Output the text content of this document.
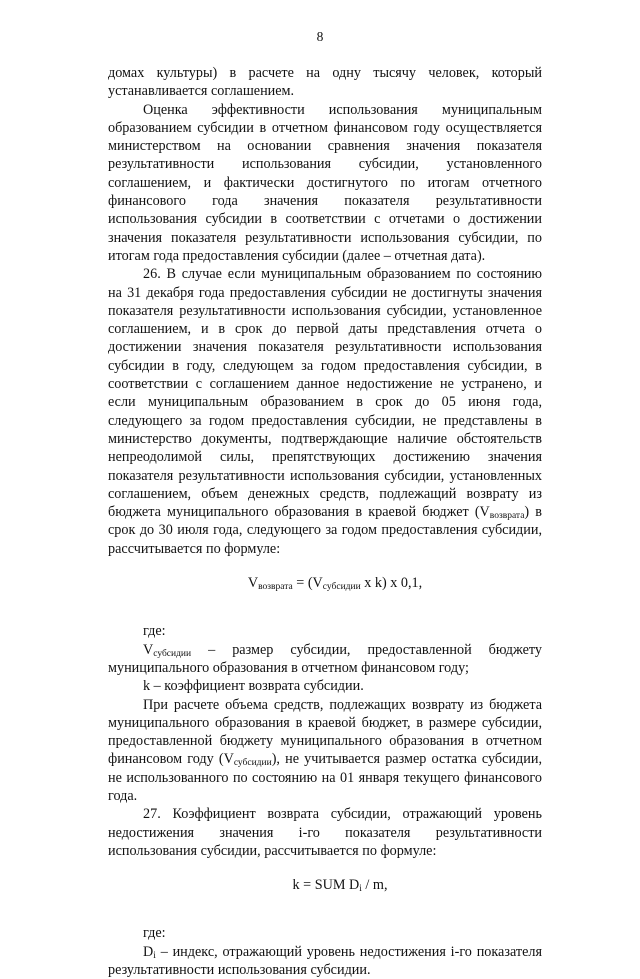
8

домах культуры) в расчете на одну тысячу человек, который устанавливается соглашением.

Оценка эффективности использования муниципальным образованием субсидии в отчетном финансовом году осуществляется министерством на основании сравнения значения показателя результативности использования субсидии, установленного соглашением, и фактически достигнутого по итогам отчетного финансового года значения показателя результативности использования субсидии в соответствии с отчетами о достижении значения показателя результативности использования субсидии, по итогам года предоставления субсидии (далее – отчетная дата).

26. В случае если муниципальным образованием по состоянию на 31 декабря года предоставления субсидии не достигнуты значения показателя результативности использования субсидии, установленное соглашением, и в срок до первой даты представления отчета о достижении значения показателя результативности использования субсидии в году, следующем за годом предоставления субсидии, в соответствии с соглашением данное недостижение не устранено, и если муниципальным образованием в срок до 05 июня года, следующего за годом предоставления субсидии, не представлены в министерство документы, подтверждающие наличие обстоятельств непреодолимой силы, препятствующих достижению значения показателя результативности использования субсидии, установленных соглашением, объем денежных средств, подлежащий возврату из бюджета муниципального образования в краевой бюджет $(V_{возврата})$ в срок до 30 июля года, следующего за годом предоставления субсидии, рассчитывается по формуле:

$V_{возврата} = (V_{субсидии}$ x k) x 0,1,

где:

$V_{субсидии}$ – размер субсидии, предоставленной бюджету муниципального образования в отчетном финансовом году;

k – коэффициент возврата субсидии.

При расчете объема средств, подлежащих возврату из бюджета муниципального образования в краевой бюджет, в размере субсидии, предоставленной бюджету муниципального образования в отчетном финансовом году $(V_{субсидии})$, не учитывается размер остатка субсидии, не использованного по состоянию на 01 января текущего финансового года.

27. Коэффициент возврата субсидии, отражающий уровень недостижения значения i-го показателя результативности использования субсидии, рассчитывается по формуле:

k = SUM $D_i$ / m,

где:

$D_i$ – индекс, отражающий уровень недостижения i-го показателя результативности использования субсидии.
